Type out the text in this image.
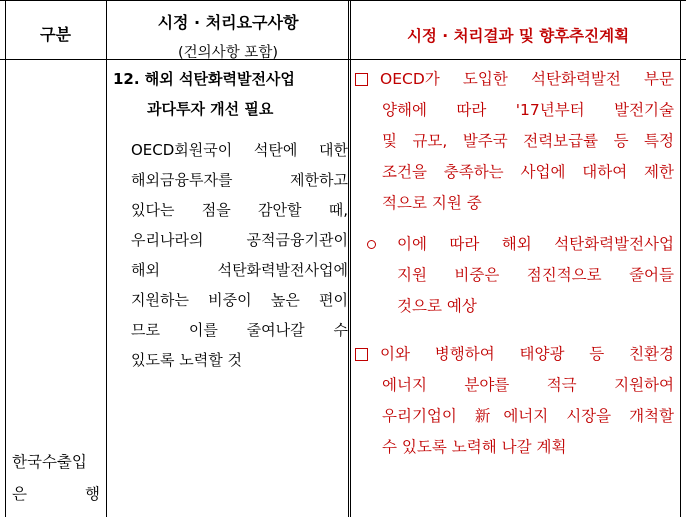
구분
시정 · 처리요구사항
(건의사항 포함)
시정 · 처리결과 및 향후추진계획
12. 해외 석탄화력발전사업
과다투자 개선 필요
OECD회원국이 석탄에 대한
해외금융투자를 제한하고
있다는 점을 감안할 때,
우리나라의 공적금융기관이
해외 석탄화력발전사업에
지원하는 비중이 높은 편이
므로 이를 줄여나갈 수
있도록 노력할 것
OECD가 도입한 석탄화력발전 부문
양해에 따라 '17년부터 발전기술
및 규모, 발주국 전력보급률 등 특정
조건을 충족하는 사업에 대하여 제한
적으로 지원 중
이에 따라 해외 석탄화력발전사업
지원 비중은 점진적으로 줄어들
것으로 예상
이와 병행하여 태양광 등 친환경
에너지 분야를 적극 지원하여
우리기업이 新에너지 시장을 개척할
수 있도록 노력해 나갈 계획
한국수출입
은	행
